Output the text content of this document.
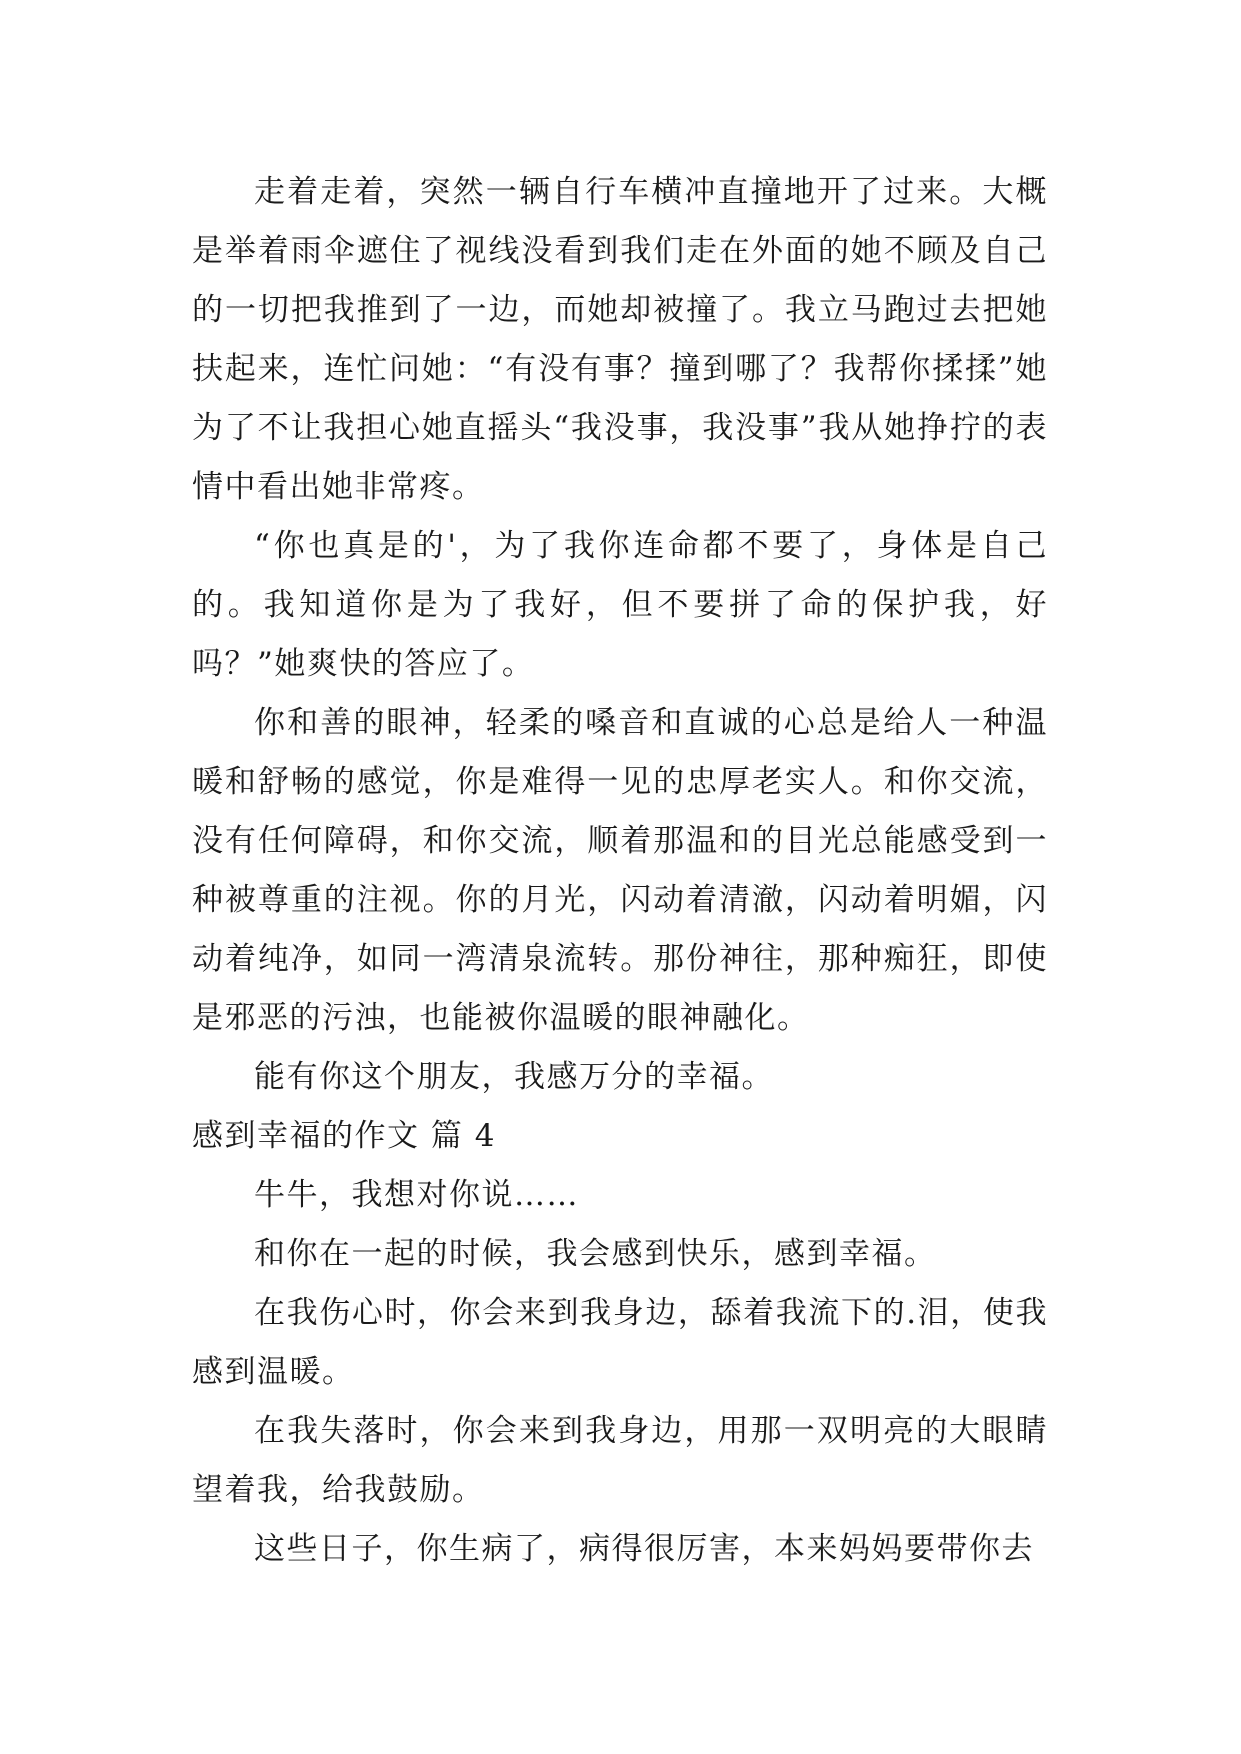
走着走着，突然一辆自行车横冲直撞地开了过来。大概是举着雨伞遮住了视线没看到我们走在外面的她不顾及自己的一切把我推到了一边，而她却被撞了。我立马跑过去把她扶起来，连忙问她：“有没有事？撞到哪了？我帮你揉揉”她为了不让我担心她直摇头“我没事，我没事”我从她挣拧的表情中看出她非常疼。

“你也真是的'，为了我你连命都不要了，身体是自己的。我知道你是为了我好，但不要拼了命的保护我，好吗？”她爽快的答应了。

你和善的眼神，轻柔的嗓音和直诚的心总是给人一种温暖和舒畅的感觉，你是难得一见的忠厚老实人。和你交流，没有任何障碍，和你交流，顺着那温和的目光总能感受到一种被尊重的注视。你的月光，闪动着清澈，闪动着明媚，闪动着纯净，如同一湾清泉流转。那份神往，那种痴狂，即使是邪恶的污浊，也能被你温暖的眼神融化。

能有你这个朋友，我感万分的幸福。

感到幸福的作文 篇 4

牛牛，我想对你说……

和你在一起的时候，我会感到快乐，感到幸福。

在我伤心时，你会来到我身边，舔着我流下的.泪，使我感到温暖。

在我失落时，你会来到我身边，用那一双明亮的大眼睛望着我，给我鼓励。

这些日子，你生病了，病得很厉害，本来妈妈要带你去
